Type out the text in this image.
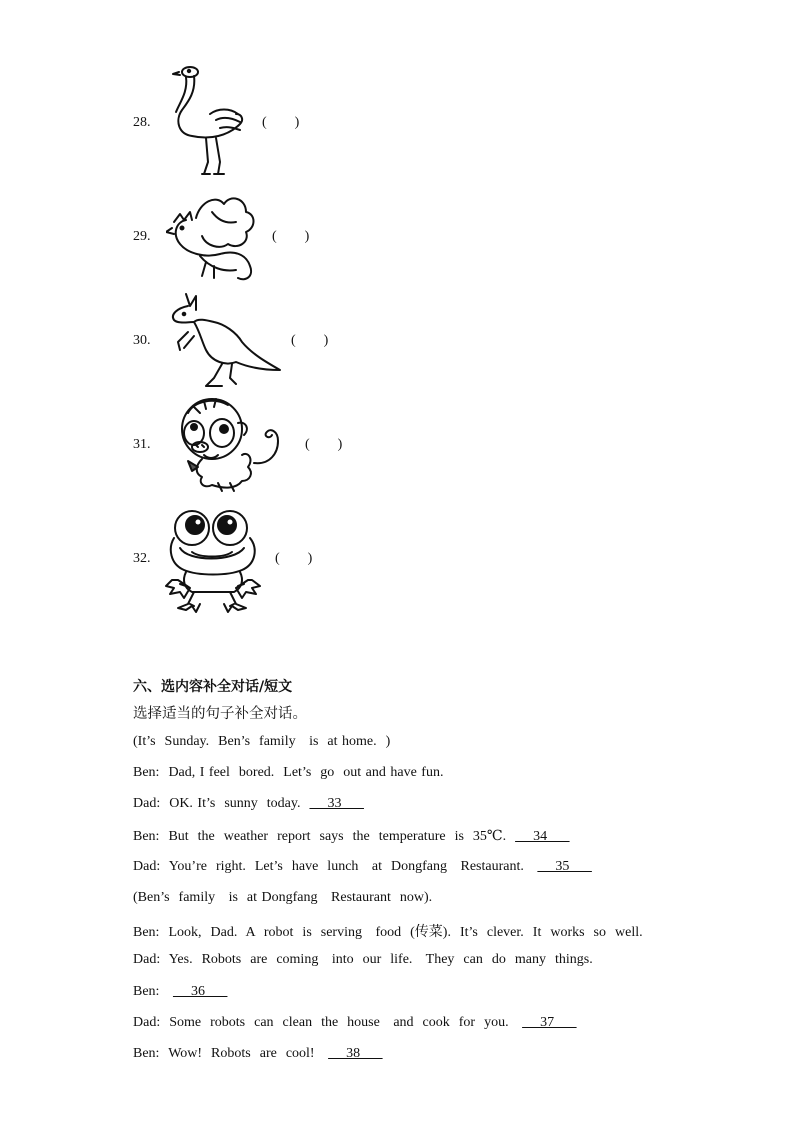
28.	(        )
29.	(        )
30.	(        )
31.	(        )
32.	(        )
六、选内容补全对话/短文
选择适当的句子补全对话。
(It’s  Sunday.  Ben’s  family   is  at home.  )
Ben:  Dad, I feel  bored.  Let’s  go  out and have fun.
Dad:  OK. It’s  sunny  today.      33
Ben:  But  the  weather  report  says  the  temperature  is  35℃.      34
Dad:  You’re  right.  Let’s  have  lunch   at  Dongfang   Restaurant.       35
(Ben’s  family   is  at Dongfang   Restaurant  now).
Ben:  Look,  Dad.  A  robot  is  serving   food  (传菜).  It’s  clever.  It  works  so  well.
Dad:  Yes.  Robots  are  coming   into  our  life.   They  can  do  many  things.
Ben:       36
Dad:  Some  robots  can  clean  the  house   and  cook  for  you.       37
Ben:  Wow!  Robots  are  cool!       38
